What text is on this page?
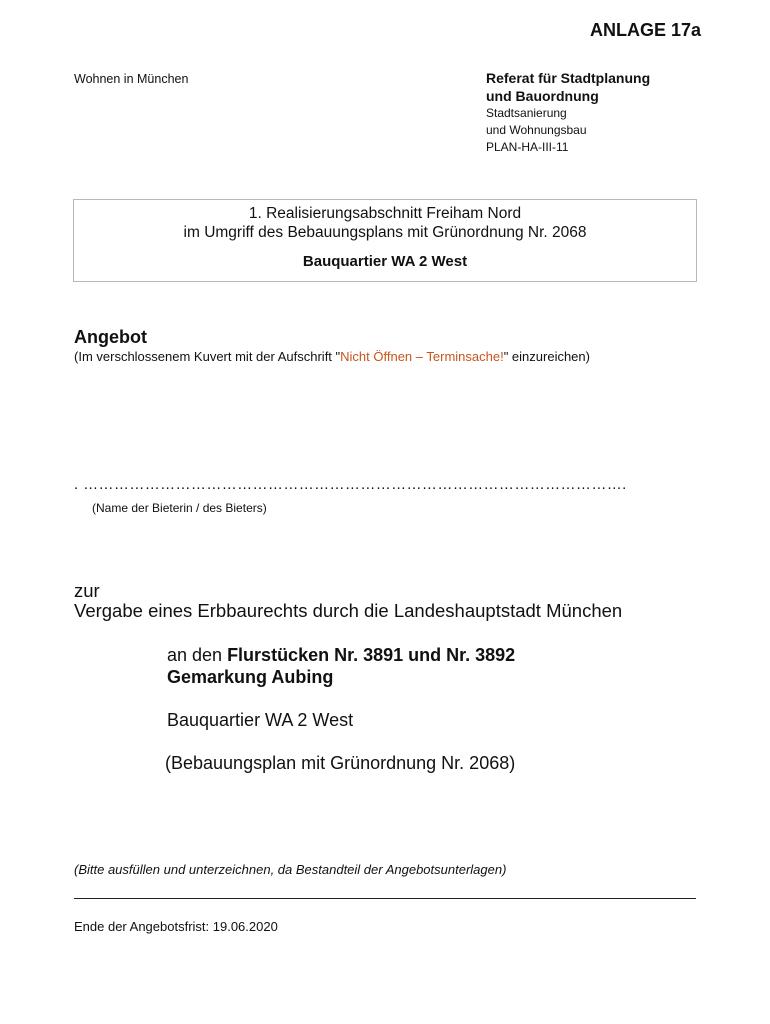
ANLAGE 17a
Wohnen in München	Referat für Stadtplanung
und Bauordnung
Stadtsanierung
und Wohnungsbau
PLAN-HA-III-11
1. Realisierungsabschnitt Freiham Nord
im Umgriff des Bebauungsplans mit Grünordnung Nr. 2068
Bauquartier WA 2 West
Angebot
(Im verschlossenem Kuvert mit der Aufschrift "Nicht Öffnen – Terminsache!" einzureichen)
. …………………………………………………………………………………………….
(Name der Bieterin / des Bieters)
zur
Vergabe eines Erbbaurechts durch die Landeshauptstadt München
an den Flurstücken Nr. 3891 und Nr. 3892
Gemarkung Aubing
Bauquartier WA 2 West
(Bebauungsplan mit Grünordnung Nr. 2068)
(Bitte ausfüllen und unterzeichnen, da Bestandteil der Angebotsunterlagen)
Ende der Angebotsfrist: 19.06.2020
